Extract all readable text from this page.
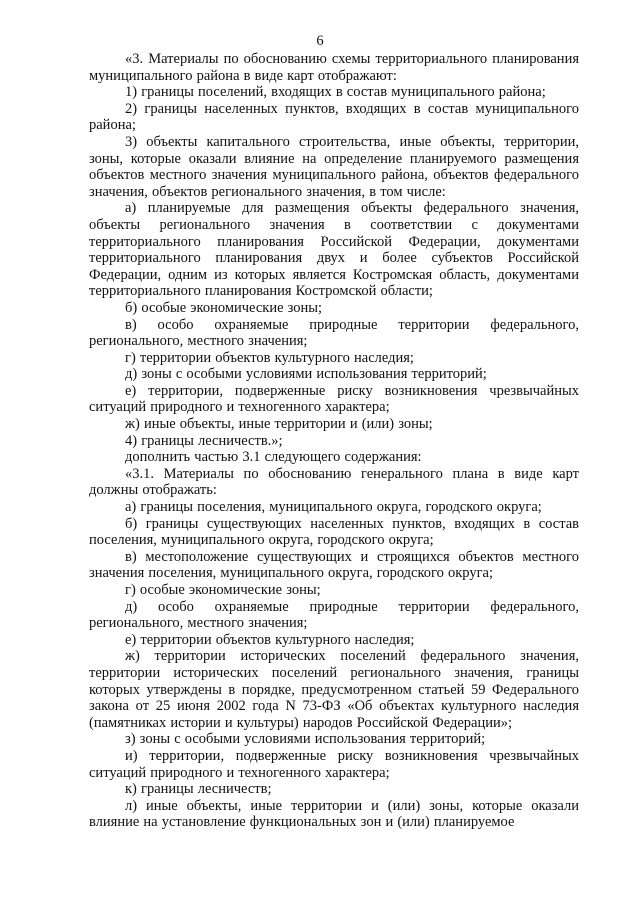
6

«3. Материалы по обоснованию схемы территориального планирования муниципального района в виде карт отображают:

1) границы поселений, входящих в состав муниципального района;

2) границы населенных пунктов, входящих в состав муниципального района;

3) объекты капитального строительства, иные объекты, территории, зоны, которые оказали влияние на определение планируемого размещения объектов местного значения муниципального района, объектов федерального значения, объектов регионального значения, в том числе:

а) планируемые для размещения объекты федерального значения, объекты регионального значения в соответствии с документами территориального планирования Российской Федерации, документами территориального планирования двух и более субъектов Российской Федерации, одним из которых является Костромская область, документами территориального планирования Костромской области;

б) особые экономические зоны;

в) особо охраняемые природные территории федерального, регионального, местного значения;

г) территории объектов культурного наследия;

д) зоны с особыми условиями использования территорий;

е) территории, подверженные риску возникновения чрезвычайных ситуаций природного и техногенного характера;

ж) иные объекты, иные территории и (или) зоны;

4) границы лесничеств.»;

дополнить частью 3.1 следующего содержания:

«3.1. Материалы по обоснованию генерального плана в виде карт должны отображать:

а) границы поселения, муниципального округа, городского округа;

б) границы существующих населенных пунктов, входящих в состав поселения, муниципального округа, городского округа;

в) местоположение существующих и строящихся объектов местного значения поселения, муниципального округа, городского округа;

г) особые экономические зоны;

д) особо охраняемые природные территории федерального, регионального, местного значения;

е) территории объектов культурного наследия;

ж) территории исторических поселений федерального значения, территории исторических поселений регионального значения, границы которых утверждены в порядке, предусмотренном статьей 59 Федерального закона от 25 июня 2002 года N 73-ФЗ «Об объектах культурного наследия (памятниках истории и культуры) народов Российской Федерации»;

з) зоны с особыми условиями использования территорий;

и) территории, подверженные риску возникновения чрезвычайных ситуаций природного и техногенного характера;

к) границы лесничеств;

л) иные объекты, иные территории и (или) зоны, которые оказали влияние на установление функциональных зон и (или) планируемое
